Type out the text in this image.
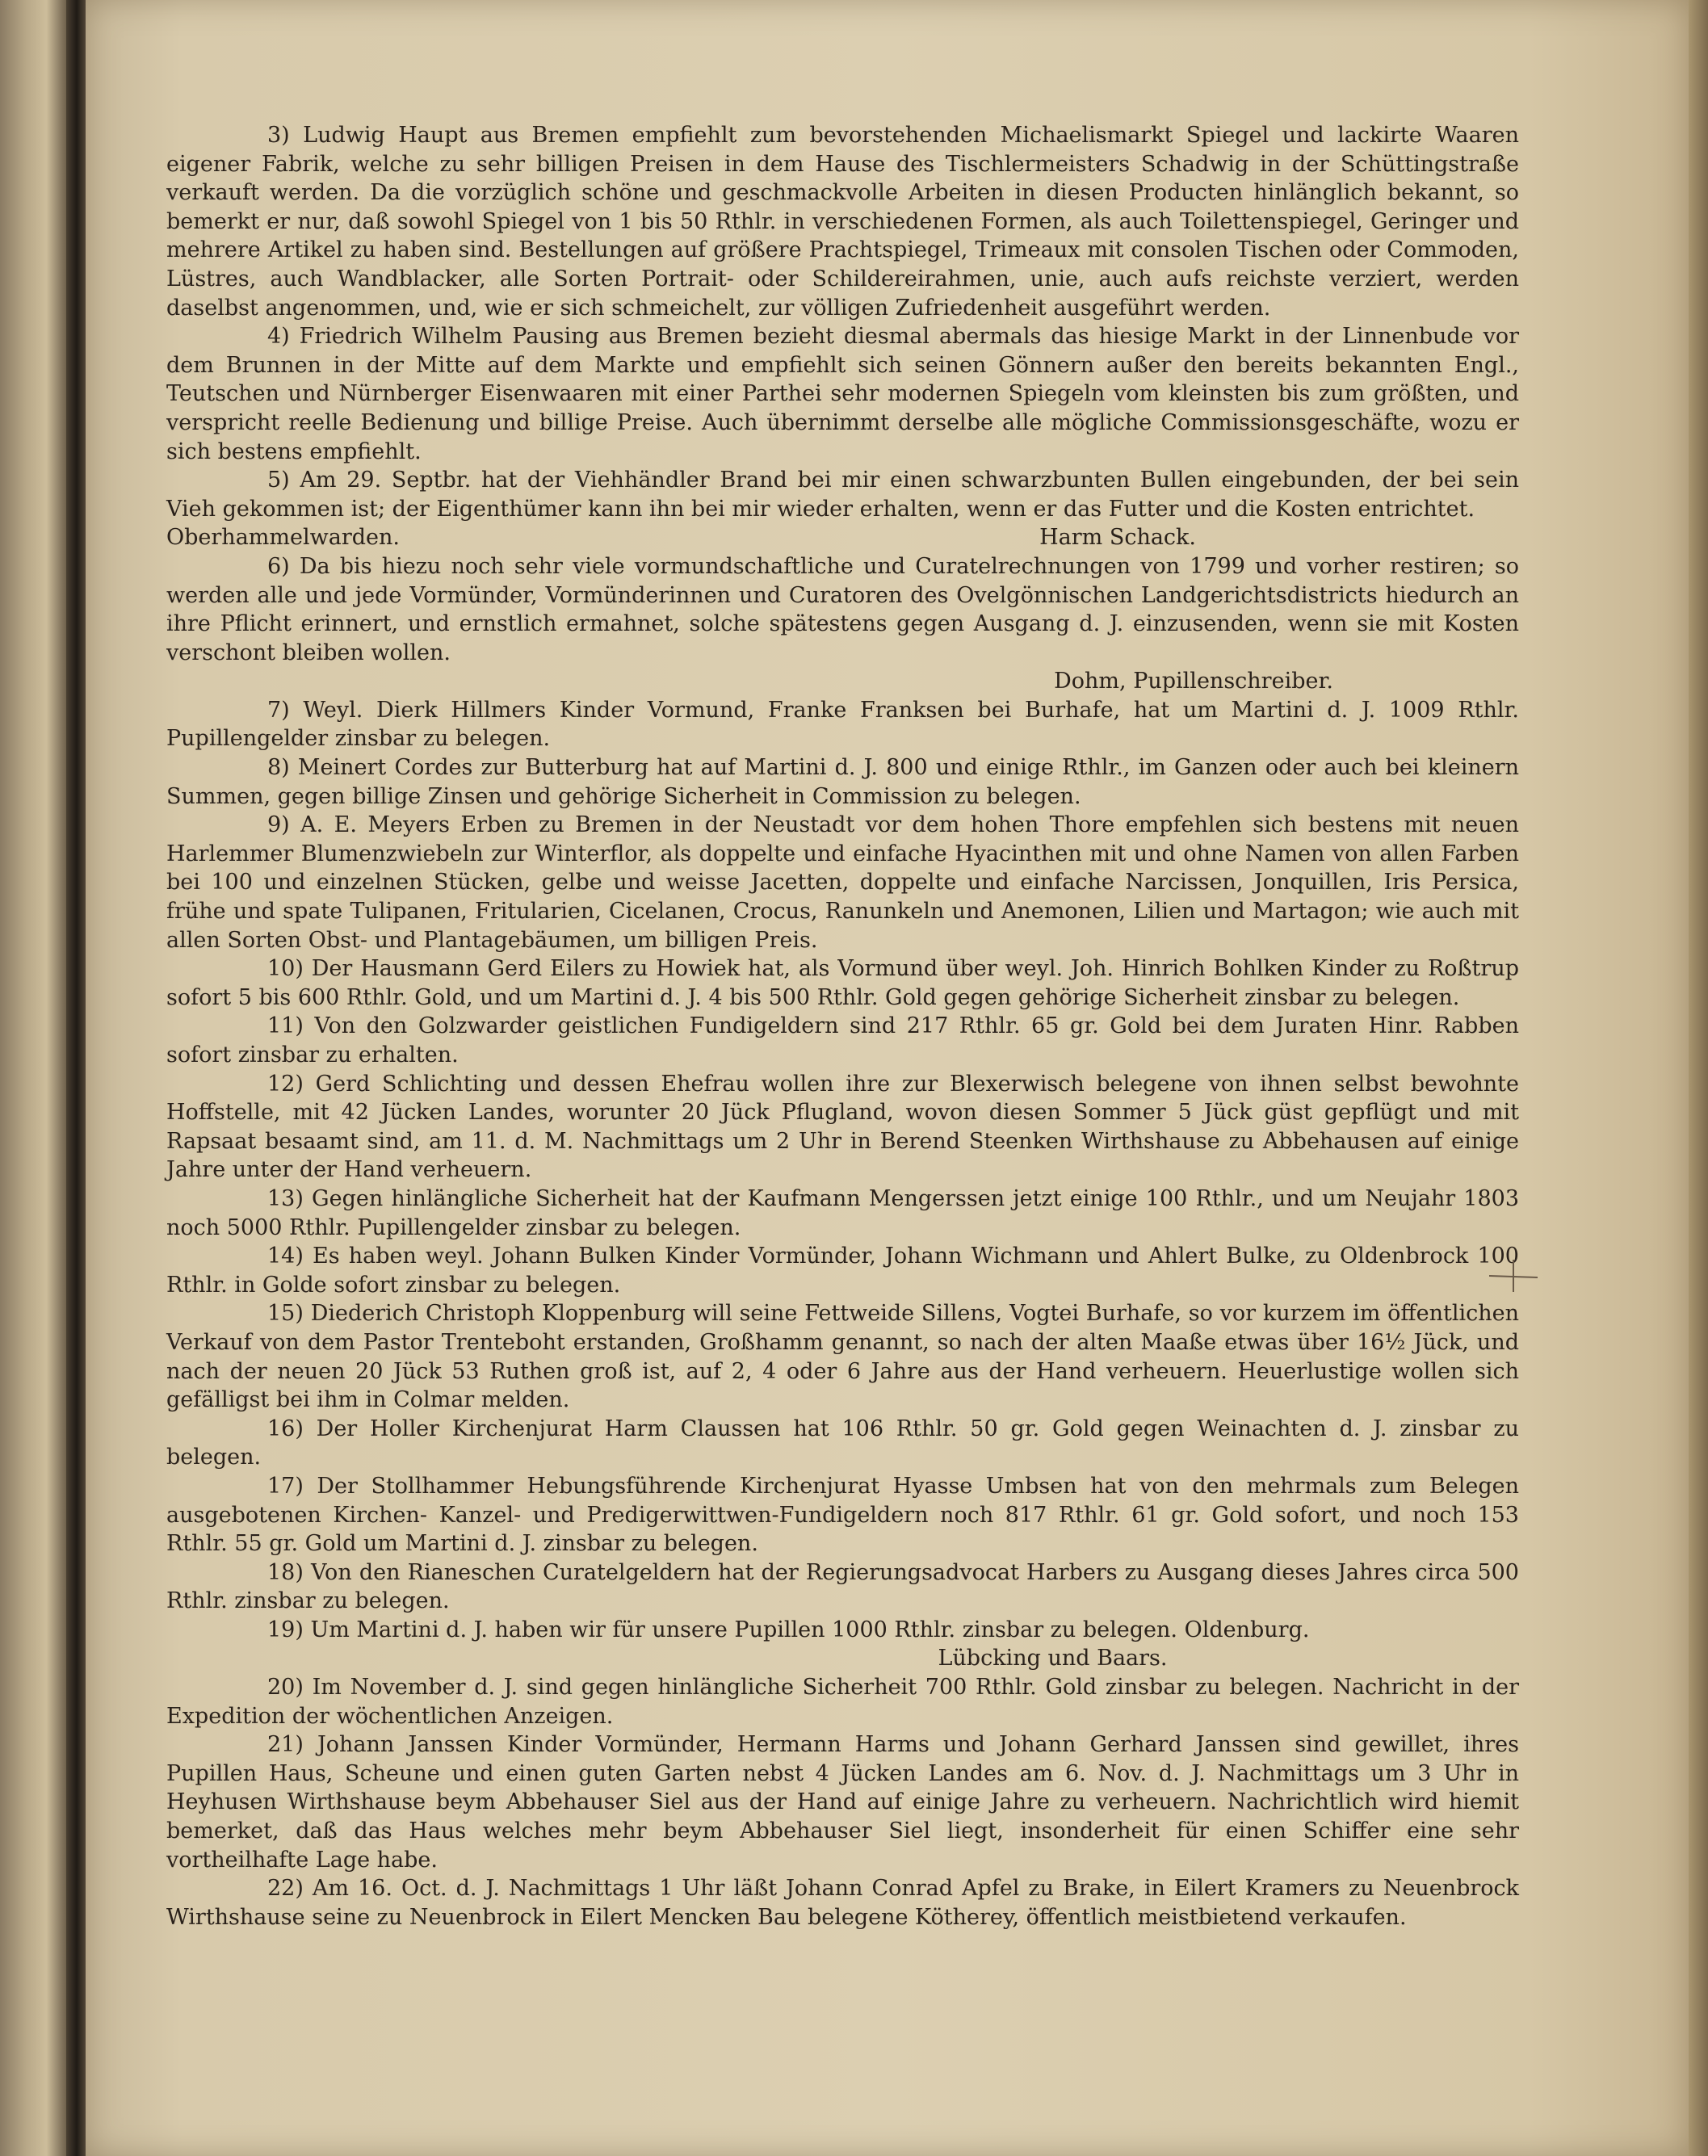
3) Ludwig Haupt aus Bremen empfiehlt zum bevorstehenden Michaelismarkt Spiegel und lackirte Waaren eigener Fabrik, welche zu sehr billigen Preisen in dem Hause des Tischlermeisters Schadwig in der Schüttingstraße verkauft werden. Da die vorzüglich schöne und geschmackvolle Arbeiten in diesen Producten hinlänglich bekannt, so bemerkt er nur, daß sowohl Spiegel von 1 bis 50 Rthlr. in verschiedenen Formen, als auch Toilettenspiegel, Geringer und mehrere Artikel zu haben sind. Bestellungen auf größere Prachtspiegel, Trimeaux mit consolen Tischen oder Commoden, Lüstres, auch Wandblacker, alle Sorten Portrait- oder Schildereirahmen, unie, auch aufs reichste verziert, werden daselbst angenommen, und, wie er sich schmeichelt, zur völligen Zufriedenheit ausgeführt werden.

4) Friedrich Wilhelm Pausing aus Bremen bezieht diesmal abermals das hiesige Markt in der Linnenbude vor dem Brunnen in der Mitte auf dem Markte und empfiehlt sich seinen Gönnern außer den bereits bekannten Engl., Teutschen und Nürnberger Eisenwaaren mit einer Parthei sehr modernen Spiegeln vom kleinsten bis zum größten, und verspricht reelle Bedienung und billige Preise. Auch übernimmt derselbe alle mögliche Commissionsgeschäfte, wozu er sich bestens empfiehlt.

5) Am 29. Septbr. hat der Viehhändler Brand bei mir einen schwarzbunten Bullen eingebunden, der bei sein Vieh gekommen ist; der Eigenthümer kann ihn bei mir wieder erhalten, wenn er das Futter und die Kosten entrichtet.

Oberhammelwarden.	Harm Schack.

6) Da bis hiezu noch sehr viele vormundschaftliche und Curatelrechnungen von 1799 und vorher restiren; so werden alle und jede Vormünder, Vormünderinnen und Curatoren des Ovelgönnischen Landgerichtsdistricts hiedurch an ihre Pflicht erinnert, und ernstlich ermahnet, solche spätestens gegen Ausgang d. J. einzusenden, wenn sie mit Kosten verschont bleiben wollen.

Dohm, Pupillenschreiber.

7) Weyl. Dierk Hillmers Kinder Vormund, Franke Franksen bei Burhafe, hat um Martini d. J. 1009 Rthlr. Pupillengelder zinsbar zu belegen.

8) Meinert Cordes zur Butterburg hat auf Martini d. J. 800 und einige Rthlr., im Ganzen oder auch bei kleinern Summen, gegen billige Zinsen und gehörige Sicherheit in Commission zu belegen.

9) A. E. Meyers Erben zu Bremen in der Neustadt vor dem hohen Thore empfehlen sich bestens mit neuen Harlemmer Blumenzwiebeln zur Winterflor, als doppelte und einfache Hyacinthen mit und ohne Namen von allen Farben bei 100 und einzelnen Stücken, gelbe und weisse Jacetten, doppelte und einfache Narcissen, Jonquillen, Iris Persica, frühe und spate Tulipanen, Fritularien, Cicelanen, Crocus, Ranunkeln und Anemonen, Lilien und Martagon; wie auch mit allen Sorten Obst- und Plantagebäumen, um billigen Preis.

10) Der Hausmann Gerd Eilers zu Howiek hat, als Vormund über weyl. Joh. Hinrich Bohlken Kinder zu Roßtrup sofort 5 bis 600 Rthlr. Gold, und um Martini d. J. 4 bis 500 Rthlr. Gold gegen gehörige Sicherheit zinsbar zu belegen.

11) Von den Golzwarder geistlichen Fundigeldern sind 217 Rthlr. 65 gr. Gold bei dem Juraten Hinr. Rabben sofort zinsbar zu erhalten.

12) Gerd Schlichting und dessen Ehefrau wollen ihre zur Blexerwisch belegene von ihnen selbst bewohnte Hoffstelle, mit 42 Jücken Landes, worunter 20 Jück Pflugland, wovon diesen Sommer 5 Jück güst gepflügt und mit Rapsaat besaamt sind, am 11. d. M. Nachmittags um 2 Uhr in Berend Steenken Wirthshause zu Abbehausen auf einige Jahre unter der Hand verheuern.

13) Gegen hinlängliche Sicherheit hat der Kaufmann Mengerssen jetzt einige 100 Rthlr., und um Neujahr 1803 noch 5000 Rthlr. Pupillengelder zinsbar zu belegen.

14) Es haben weyl. Johann Bulken Kinder Vormünder, Johann Wichmann und Ahlert Bulke, zu Oldenbrock 100 Rthlr. in Golde sofort zinsbar zu belegen.

15) Diederich Christoph Kloppenburg will seine Fettweide Sillens, Vogtei Burhafe, so vor kurzem im öffentlichen Verkauf von dem Pastor Trenteboht erstanden, Großhamm genannt, so nach der alten Maaße etwas über 16½ Jück, und nach der neuen 20 Jück 53 Ruthen groß ist, auf 2, 4 oder 6 Jahre aus der Hand verheuern. Heuerlustige wollen sich gefälligst bei ihm in Colmar melden.

16) Der Holler Kirchenjurat Harm Claussen hat 106 Rthlr. 50 gr. Gold gegen Weinachten d. J. zinsbar zu belegen.

17) Der Stollhammer Hebungsführende Kirchenjurat Hyasse Umbsen hat von den mehrmals zum Belegen ausgebotenen Kirchen- Kanzel- und Predigerwittwen-Fundigeldern noch 817 Rthlr. 61 gr. Gold sofort, und noch 153 Rthlr. 55 gr. Gold um Martini d. J. zinsbar zu belegen.

18) Von den Rianeschen Curatelgeldern hat der Regierungsadvocat Harbers zu Ausgang dieses Jahres circa 500 Rthlr. zinsbar zu belegen.

19) Um Martini d. J. haben wir für unsere Pupillen 1000 Rthlr. zinsbar zu belegen. Oldenburg.

Lübcking und Baars.

20) Im November d. J. sind gegen hinlängliche Sicherheit 700 Rthlr. Gold zinsbar zu belegen. Nachricht in der Expedition der wöchentlichen Anzeigen.

21) Johann Janssen Kinder Vormünder, Hermann Harms und Johann Gerhard Janssen sind gewillet, ihres Pupillen Haus, Scheune und einen guten Garten nebst 4 Jücken Landes am 6. Nov. d. J. Nachmittags um 3 Uhr in Heyhusen Wirthshause beym Abbehauser Siel aus der Hand auf einige Jahre zu verheuern. Nachrichtlich wird hiemit bemerket, daß das Haus welches mehr beym Abbehauser Siel liegt, insonderheit für einen Schiffer eine sehr vortheilhafte Lage habe.

22) Am 16. Oct. d. J. Nachmittags 1 Uhr läßt Johann Conrad Apfel zu Brake, in Eilert Kramers zu Neuenbrock Wirthshause seine zu Neuenbrock in Eilert Mencken Bau belegene Kötherey, öffentlich meistbietend verkaufen.
